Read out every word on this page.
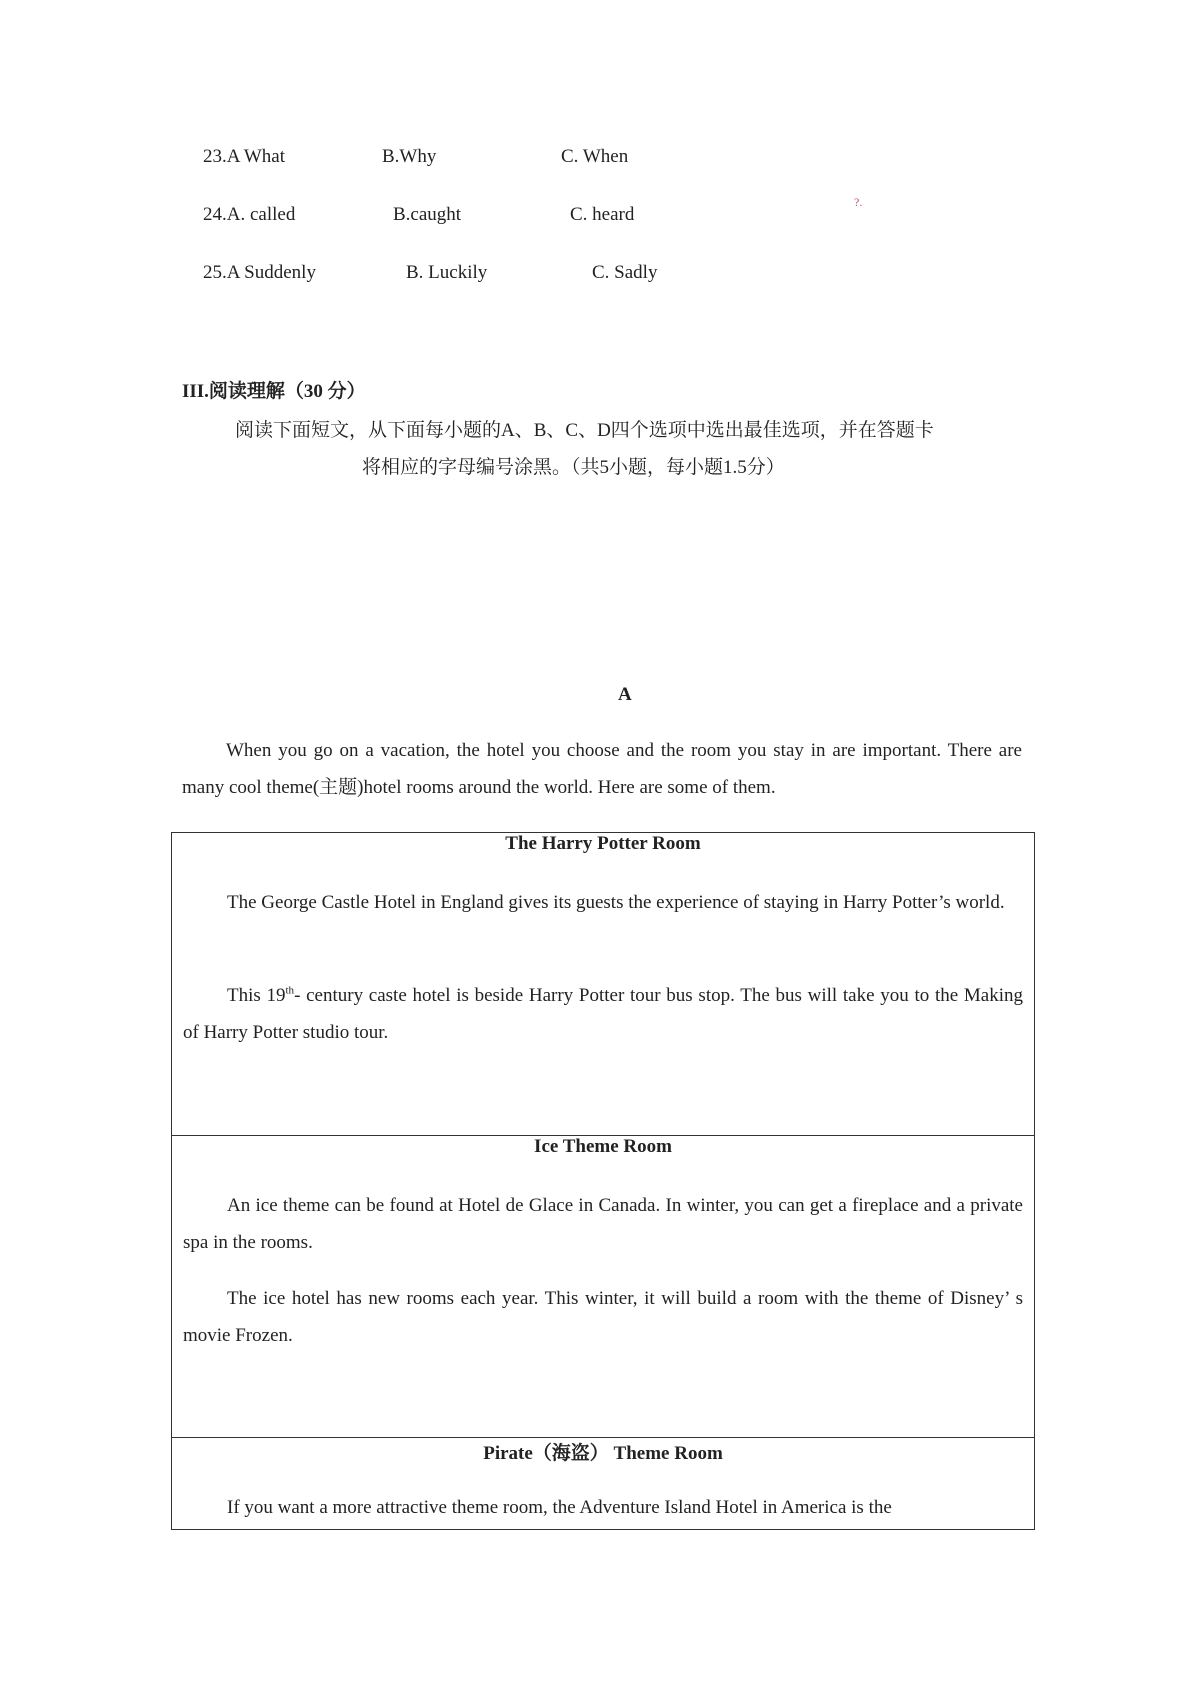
23.A What	B.Why	C. When
24.A. called	B.caught	C. heard
?.
25.A Suddenly	B. Luckily	C. Sadly
III.阅读理解（30 分）
阅读下面短文，从下面每小题的A、B、C、D四个选项中选出最佳选项，并在答题卡
将相应的字母编号涂黑。（共5小题，每小题1.5分）
A
When you go on a vacation, the hotel you choose and the room you stay in are important. There are many cool theme(主题)hotel rooms around the world. Here are some of them.
The Harry Potter Room
The George Castle Hotel in England gives its guests the experience of staying in Harry Potter’s world.
This 19th- century caste hotel is beside Harry Potter tour bus stop. The bus will take you to the Making of Harry Potter studio tour.
Ice Theme Room
An ice theme can be found at Hotel de Glace in Canada. In winter, you can get a fireplace and a private spa in the rooms.
The ice hotel has new rooms each year. This winter, it will build a room with the theme of Disney’ s movie Frozen.
Pirate（海盗） Theme Room
If you want a more attractive theme room, the Adventure Island Hotel in America is the
